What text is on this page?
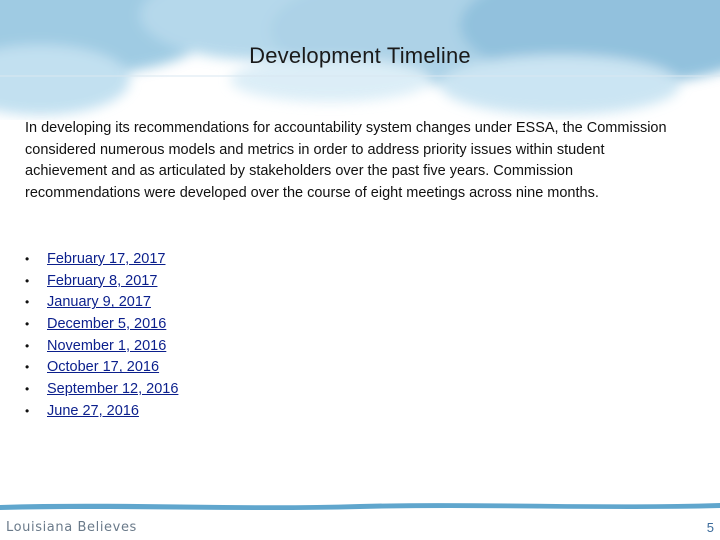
Development Timeline
In developing its recommendations for accountability system changes under ESSA, the Commission considered numerous models and metrics in order to address priority issues within student achievement and as articulated by stakeholders over the past five years. Commission recommendations were developed over the course of eight meetings across nine months.
•	February 17, 2017
•	February 8, 2017
•	January 9, 2017
•	December 5, 2016
•	November 1, 2016
•	October 17, 2016
•	September 12, 2016
•	June 27, 2016
Louisiana Believes	5
